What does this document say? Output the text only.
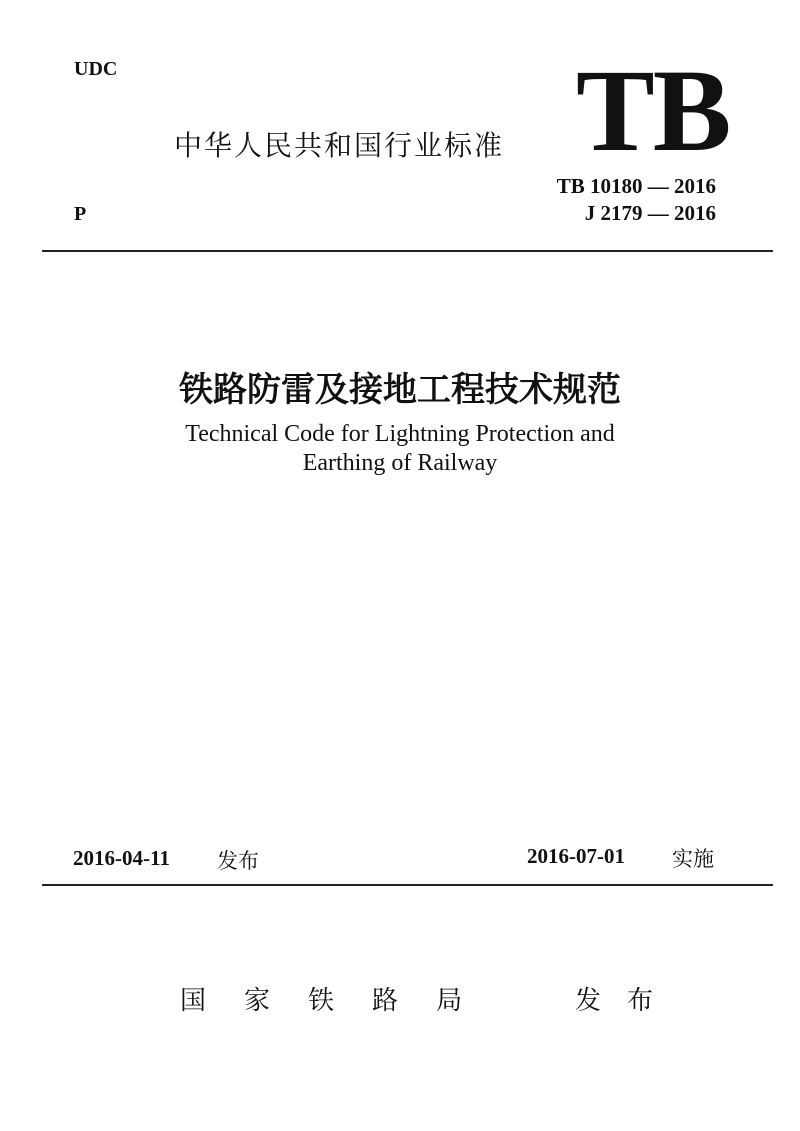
UDC
中华人民共和国行业标准 TB
TB 10180 — 2016
J 2179 — 2016
P
铁路防雷及接地工程技术规范
Technical Code for Lightning Protection and
Earthing of Railway
2016-04-11 发布	2016-07-01 实施
国 家 铁 路 局	发 布
